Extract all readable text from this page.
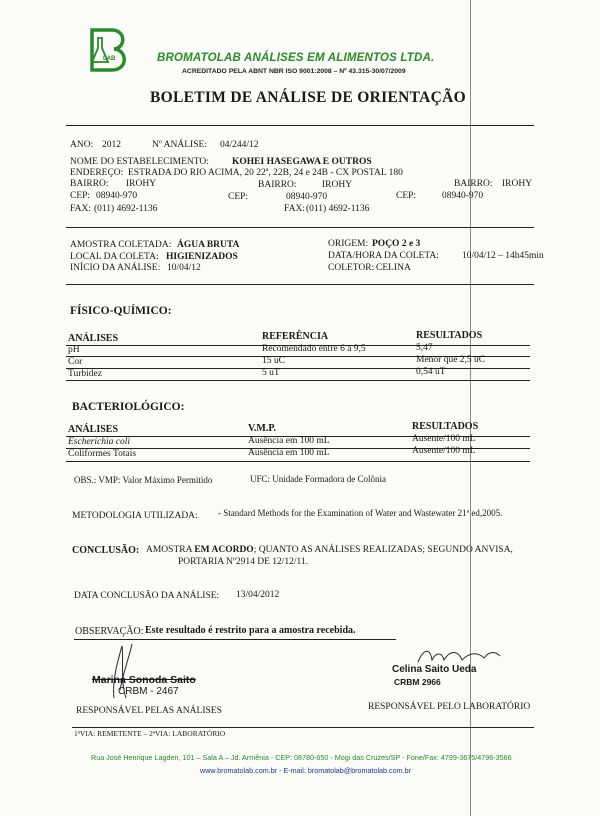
LAB	BROMATOLAB ANÁLISES EM ALIMENTOS LTDA.
ACREDITADO PELA ABNT NBR ISO 9001:2008 – Nº 43.315-30/07/2009
BOLETIM DE ANÁLISE DE ORIENTAÇÃO
ANO: 2012	Nº ANÁLISE: 04/244/12
NOME DO ESTABELECIMENTO: KOHEI HASEGAWA E OUTROS
ENDEREÇO: ESTRADA DO RIO ACIMA, 20 22ª, 22B, 24 e 24B - CX POSTAL 180
BAIRRO: IROHY	BAIRRO:	IROHY	BAIRRO: IROHY
CEP: 08940-970	CEP:	08940-970	CEP:	08940-970
FAX: (011) 4692-1136	FAX: (011) 4692-1136
AMOSTRA COLETADA: ÁGUA BRUTA
LOCAL DA COLETA: HIGIENIZADOS
INÍCIO DA ANÁLISE: 10/04/12
ORIGEM: POÇO 2 e 3
DATA/HORA DA COLETA: 10/04/12 – 14h45min
COLETOR: CELINA
FÍSICO-QUÍMICO:
ANÁLISES	REFERÊNCIA	RESULTADOS
pH	Recomendado entre 6 a 9,5	5,47
Cor	15 uC	Menor que 2,5 uC
Turbidez	5 uT	0,54 uT
BACTERIOLÓGICO:
ANÁLISES	V.M.P.	RESULTADOS
Escherichia coli	Ausência em 100 mL	Ausente/100 mL
Coliformes Totais	Ausência em 100 mL	Ausente/100 mL
OBS.: VMP: Valor Máximo Permitido	UFC: Unidade Formadora de Colônia
METODOLOGIA UTILIZADA: - Standard Methods for the Examination of Water and Wastewater 21ª ed,2005.
CONCLUSÃO: AMOSTRA EM ACORDO; QUANTO AS ANÁLISES REALIZADAS; SEGUNDO ANVISA,
PORTARIA Nº2914 DE 12/12/11.
DATA CONCLUSÃO DA ANÁLISE: 13/04/2012
OBSERVAÇÃO: Este resultado é restrito para a amostra recebida.
Marina Sonoda Saito
CRBM - 2467
RESPONSÁVEL PELAS ANÁLISES
Celina Saito Ueda
CRBM 2966
RESPONSÁVEL PELO LABORATÓRIO
1ªVIA: REMETENTE – 2ªVIA: LABORATÓRIO
Rua José Henrique Lagden, 101 – Sala A – Jd. Armênia - CEP: 08780-650 - Mogi das Cruzes/SP - Fone/Fax: 4799-3675/4796-3566
www.bromatolab.com.br - E-mail: bromatolab@bromatolab.com.br
